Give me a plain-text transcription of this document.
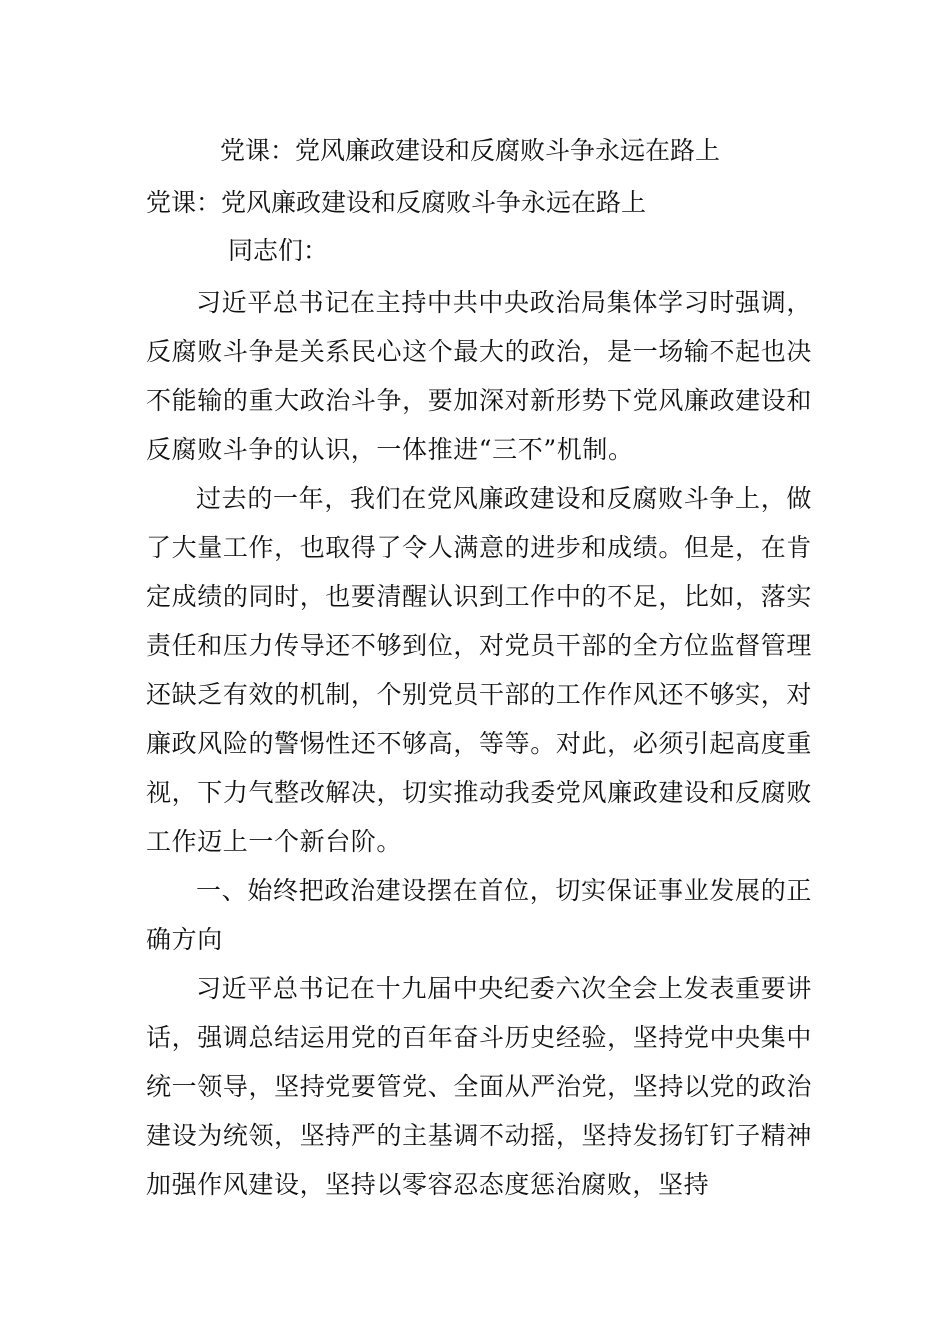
党课：党风廉政建设和反腐败斗争永远在路上
党课：党风廉政建设和反腐败斗争永远在路上
同志们：

习近平总书记在主持中共中央政治局集体学习时强调，反腐败斗争是关系民心这个最大的政治，是一场输不起也决不能输的重大政治斗争，要加深对新形势下党风廉政建设和反腐败斗争的认识，一体推进“三不”机制。

过去的一年，我们在党风廉政建设和反腐败斗争上，做了大量工作，也取得了令人满意的进步和成绩。但是，在肯定成绩的同时，也要清醒认识到工作中的不足，比如，落实责任和压力传导还不够到位，对党员干部的全方位监督管理还缺乏有效的机制，个别党员干部的工作作风还不够实，对廉政风险的警惕性还不够高，等等。对此，必须引起高度重视，下力气整改解决，切实推动我委党风廉政建设和反腐败工作迈上一个新台阶。

一、始终把政治建设摆在首位，切实保证事业发展的正确方向

习近平总书记在十九届中央纪委六次全会上发表重要讲话，强调总结运用党的百年奋斗历史经验，坚持党中央集中统一领导，坚持党要管党、全面从严治党，坚持以党的政治建设为统领，坚持严的主基调不动摇，坚持发扬钉钉子精神加强作风建设，坚持以零容忍态度惩治腐败，坚持
